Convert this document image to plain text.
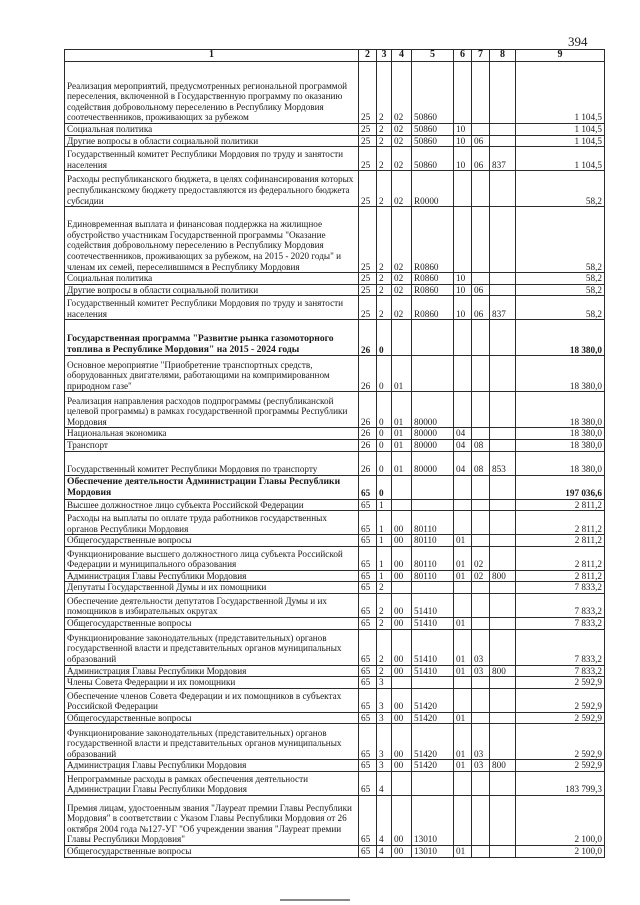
394
1	2	3	4	5	6	7	8	9
Реализация мероприятий, предусмотренных региональной программой переселения, включенной в Государственную программу по оказанию содействия добровольному переселению в Республику Мордовия соотечественников, проживающих за рубежом	25	2	02	50860				1 104,5
Социальная политика	25	2	02	50860	10			1 104,5
Другие вопросы в области социальной политики	25	2	02	50860	10	06		1 104,5
Государственный комитет Республики Мордовия по труду и занятости населения	25	2	02	50860	10	06	837	1 104,5
Расходы республиканского бюджета, в целях софинансирования которых республиканскому бюджету предоставляются из федерального бюджета субсидии	25	2	02	R0000				58,2
Единовременная выплата и финансовая поддержка на жилищное обустройство участникам Государственной программы "Оказание содействия добровольному переселению в Республику Мордовия соотечественников, проживающих за рубежом, на 2015 - 2020 годы" и членам их семей, переселившимся в Республику Мордовия	25	2	02	R0860				58,2
Социальная политика	25	2	02	R0860	10			58,2
Другие вопросы в области социальной политики	25	2	02	R0860	10	06		58,2
Государственный комитет Республики Мордовия по труду и занятости населения	25	2	02	R0860	10	06	837	58,2
Государственная программа "Развитие рынка газомоторного топлива в Республике Мордовия" на 2015 - 2024 годы	26	0						18 380,0
Основное мероприятие "Приобретение транспортных средств, оборудованных двигателями, работающими на компримированном природном газе"	26	0	01					18 380,0
Реализация направления расходов подпрограммы (республиканской целевой программы) в рамках государственной программы Республики Мордовия	26	0	01	80000				18 380,0
Национальная экономика	26	0	01	80000	04			18 380,0
Транспорт	26	0	01	80000	04	08		18 380,0
Государственный комитет Республики Мордовия по транспорту	26	0	01	80000	04	08	853	18 380,0
Обеспечение деятельности Администрации Главы Республики Мордовия	65	0						197 036,6
Высшее должностное лицо субъекта Российской Федерации	65	1						2 811,2
Расходы на выплаты по оплате труда работников государственных органов Республики Мордовия	65	1	00	80110				2 811,2
Общегосударственные вопросы	65	1	00	80110	01			2 811,2
Функционирование высшего должностного лица субъекта Российской Федерации и муниципального образования	65	1	00	80110	01	02		2 811,2
Администрация Главы Республики Мордовия	65	1	00	80110	01	02	800	2 811,2
Депутаты Государственной Думы и их помощники	65	2						7 833,2
Обеспечение деятельности депутатов Государственной Думы и их помощников в избирательных округах	65	2	00	51410				7 833,2
Общегосударственные вопросы	65	2	00	51410	01			7 833,2
Функционирование законодательных (представительных) органов государственной власти и представительных органов муниципальных образований	65	2	00	51410	01	03		7 833,2
Администрация Главы Республики Мордовия	65	2	00	51410	01	03	800	7 833,2
Члены Совета Федерации и их помощники	65	3						2 592,9
Обеспечение членов Совета Федерации и их помощников в субъектах Российской Федерации	65	3	00	51420				2 592,9
Общегосударственные вопросы	65	3	00	51420	01			2 592,9
Функционирование законодательных (представительных) органов государственной власти и представительных органов муниципальных образований	65	3	00	51420	01	03		2 592,9
Администрация Главы Республики Мордовия	65	3	00	51420	01	03	800	2 592,9
Непрограммные расходы в рамках обеспечения деятельности Администрации Главы Республики Мордовия	65	4						183 799,3
Премия лицам, удостоенным звания "Лауреат премии Главы Республики Мордовия" в соответствии с Указом Главы Республики Мордовия от 26 октября 2004 года №127-УГ "Об учреждении звания "Лауреат премии Главы Республики Мордовия"	65	4	00	13010				2 100,0
Общегосударственные вопросы	65	4	00	13010	01			2 100,0
